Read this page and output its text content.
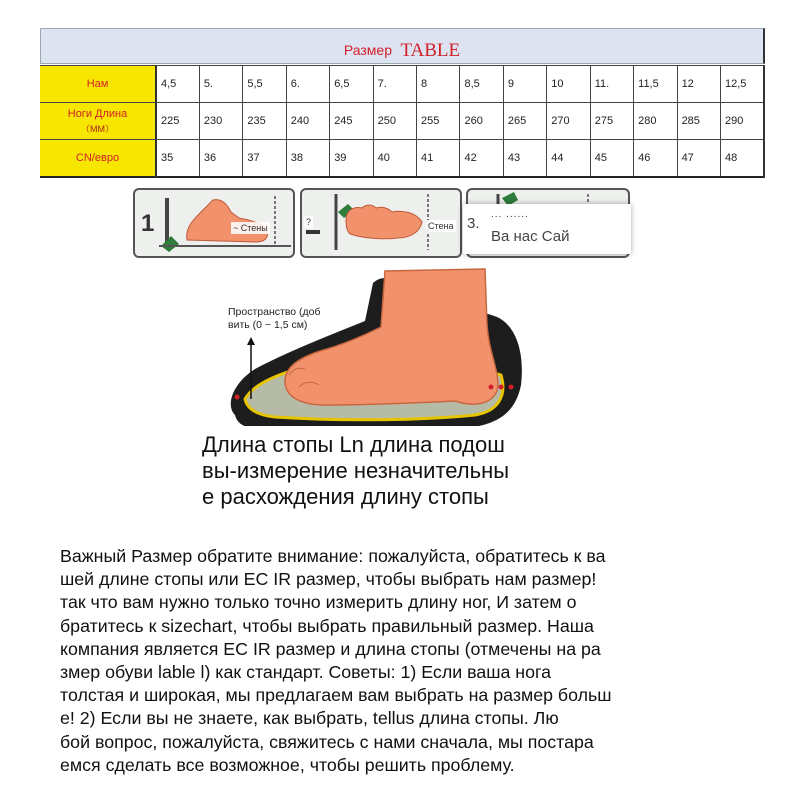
Размер TABLE
Нам	4,5	5.	5,5	6.	6,5	7.	8	8,5	9	10	11.	11,5	12	12,5
Ноги Длина
（ММ）	225	230	235	240	245	250	255	260	265	270	275	280	285	290
CN/евро	35	36	37	38	39	40	41	42	43	44	45	46	47	48
1	~ Стены
?	Стена 3.
... ......
Ва нас Сай
Пространство (доб
вить (0 ~ 1,5 см)
Длина стопы Ln длина подош
вы-измерение незначительны
е расхождения длину стопы
Важный Размер обратите внимание: пожалуйста, обратитесь к ва
шей длине стопы или EC IR размер, чтобы выбрать нам размер!
так что вам нужно только точно измерить длину ног, И затем о
братитесь к sizechart, чтобы выбрать правильный размер. Наша
компания является EC IR размер и длина стопы (отмечены на ра
змер обуви lable l) как стандарт. Советы: 1) Если ваша нога
толстая и широкая, мы предлагаем вам выбрать на размер больш
е! 2) Если вы не знаете, как выбрать, tellus длина стопы. Лю
бой вопрос, пожалуйста, свяжитесь с нами сначала, мы постара
емся сделать все возможное, чтобы решить проблему.
